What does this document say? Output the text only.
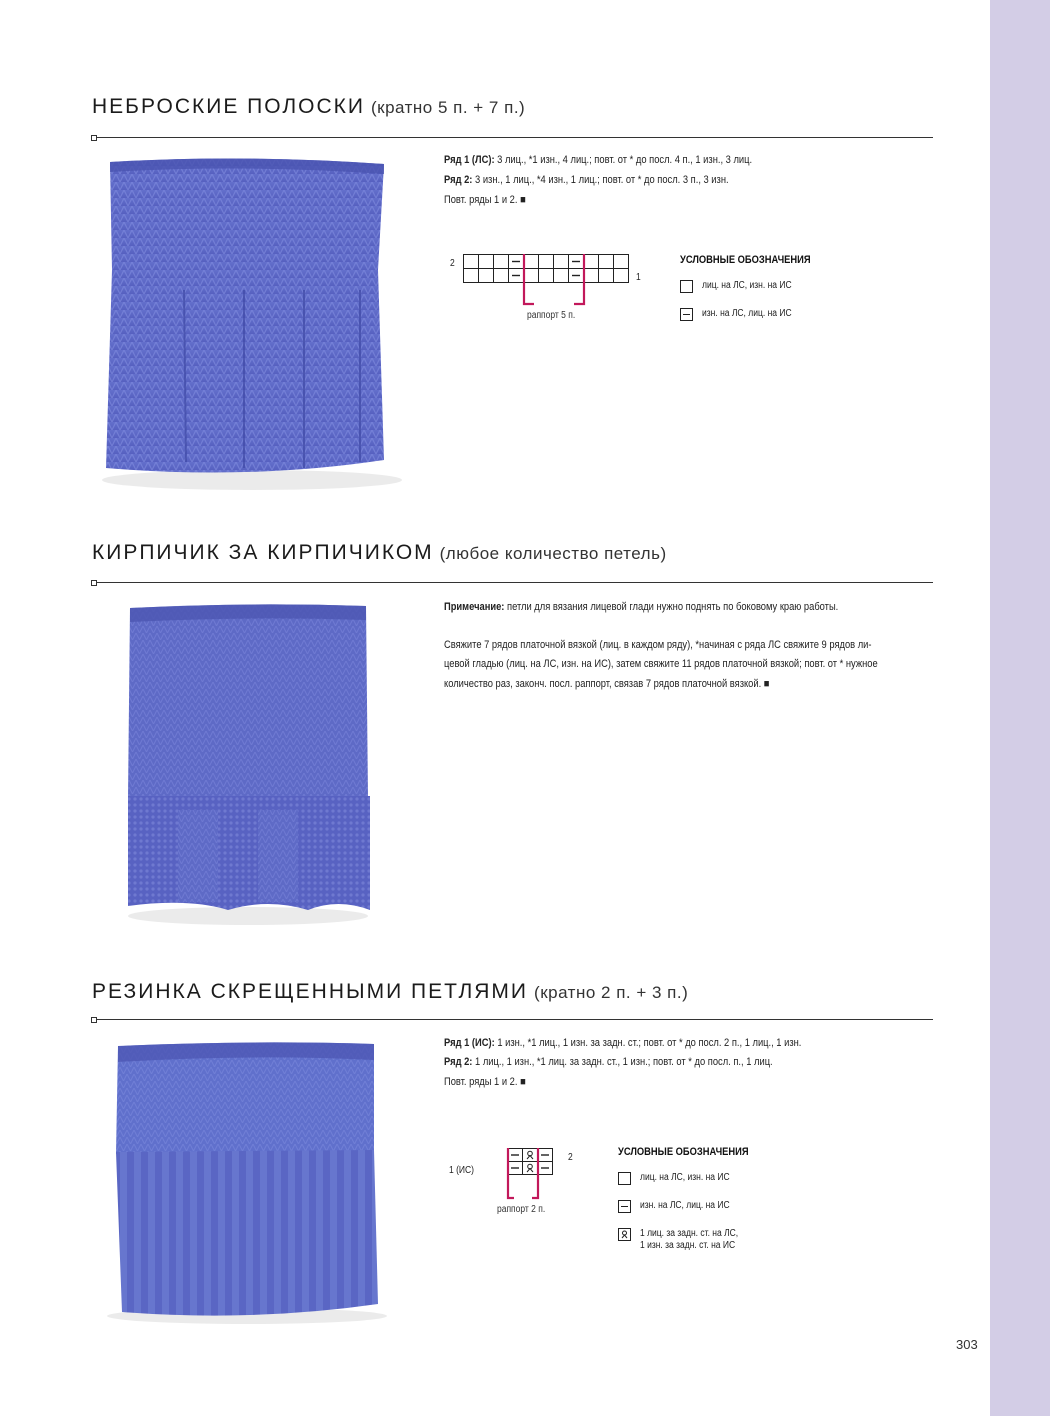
НЕБРОСКИЕ ПОЛОСКИ (кратно 5 п. + 7 п.)
Ряд 1 (ЛС): 3 лиц., *1 изн., 4 лиц.; повт. от * до посл. 4 п., 1 изн., 3 лиц.
Ряд 2: 3 изн., 1 лиц., *4 изн., 1 лиц.; повт. от * до посл. 3 п., 3 изн.
Повт. ряды 1 и 2. ■
2
1
раппорт 5 п.
УСЛОВНЫЕ ОБОЗНАЧЕНИЯ
лиц. на ЛС, изн. на ИС
изн. на ЛС, лиц. на ИС
КИРПИЧИК ЗА КИРПИЧИКОМ (любое количество петель)
Примечание: петли для вязания лицевой глади нужно поднять по боковому краю работы.
Свяжите 7 рядов платочной вязкой (лиц. в каждом ряду), *начиная с ряда ЛС свяжите 9 рядов ли-
цевой гладью (лиц. на ЛС, изн. на ИС), затем свяжите 11 рядов платочной вязкой; повт. от * нужное
количество раз, законч. посл. раппорт, связав 7 рядов платочной вязкой. ■
РЕЗИНКА СКРЕЩЕННЫМИ ПЕТЛЯМИ (кратно 2 п. + 3 п.)
Ряд 1 (ИС): 1 изн., *1 лиц., 1 изн. за задн. ст.; повт. от * до посл. 2 п., 1 лиц., 1 изн.
Ряд 2: 1 лиц., 1 изн., *1 лиц. за задн. ст., 1 изн.; повт. от * до посл. п., 1 лиц.
Повт. ряды 1 и 2. ■
2
1 (ИС)
раппорт 2 п.
УСЛОВНЫЕ ОБОЗНАЧЕНИЯ
лиц. на ЛС, изн. на ИС
изн. на ЛС, лиц. на ИС
1 лиц. за задн. ст. на ЛС,
1 изн. за задн. ст. на ИС
303
